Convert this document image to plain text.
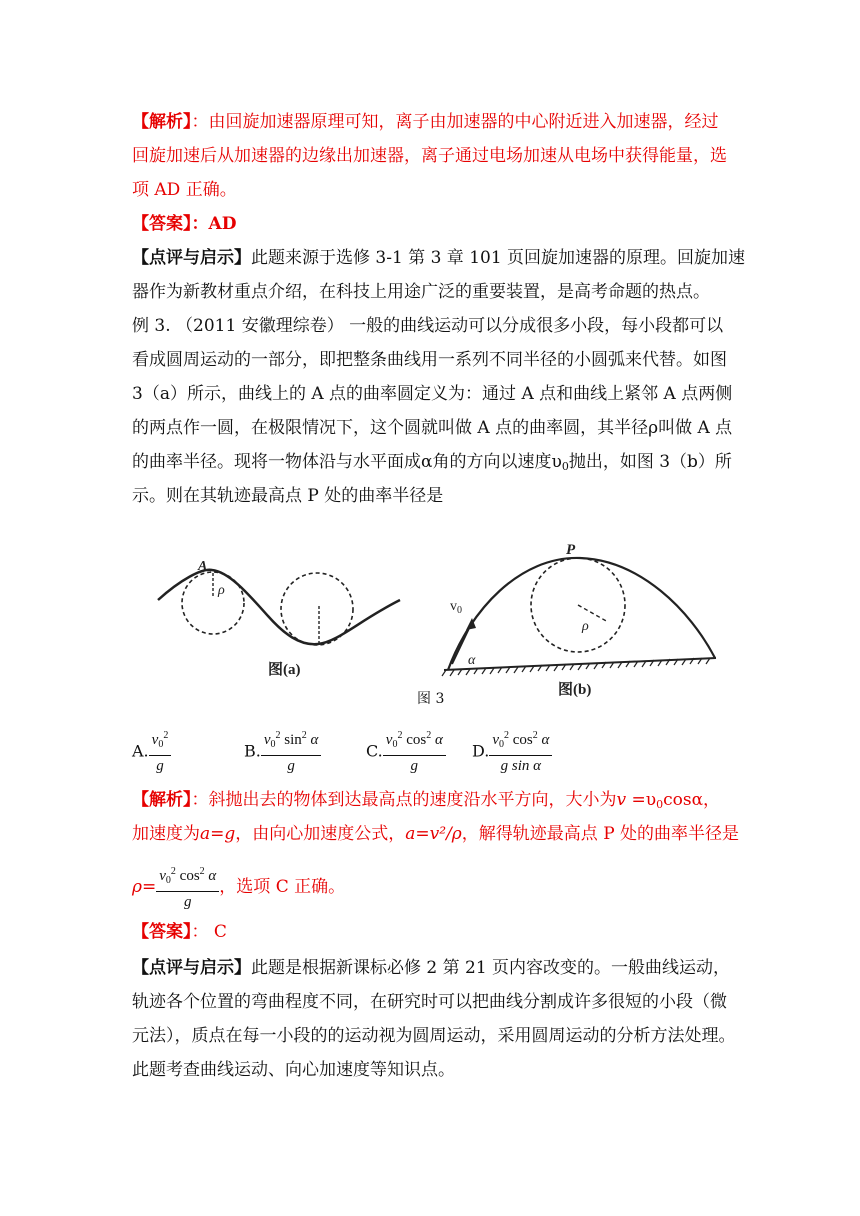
【解析】：由回旋加速器原理可知，离子由加速器的中心附近进入加速器，经过
回旋加速后从加速器的边缘出加速器，离子通过电场加速从电场中获得能量，选
项 AD 正确。
【答案】：AD
【点评与启示】此题来源于选修 3-1 第 3 章 101 页回旋加速器的原理。回旋加速
器作为新教材重点介绍，在科技上用途广泛的重要装置，是高考命题的热点。
例 3. （2011 安徽理综卷） 一般的曲线运动可以分成很多小段，每小段都可以
看成圆周运动的一部分，即把整条曲线用一系列不同半径的小圆弧来代替。如图
3（a）所示，曲线上的 A 点的曲率圆定义为：通过 A 点和曲线上紧邻 A 点两侧
的两点作一圆，在极限情况下，这个圆就叫做 A 点的曲率圆，其半径ρ叫做 A 点
的曲率半径。现将一物体沿与水平面成α角的方向以速度$\upsilon_0$抛出，如图 3（b）所
示。则在其轨迹最高点 P 处的曲率半径是
A
ρ
图(a)
P
$v_0$
ρ
α
图(b)
图 3
A. $\frac{v_0^2}{g}$	B. $\frac{v_0^2 \sin^2 \alpha}{g}$	C. $\frac{v_0^2 \cos^2 \alpha}{g} D$. $\frac{v_0^2 \cos^2 \alpha}{\text{g sin α}}$
【解析】：斜抛出去的物体到达最高点的速度沿水平方向，大小为$v =\upsilon_0\cos\alpha$，
加速度为a=g，由向心加速度公式，a=v²/ρ，解得轨迹最高点 P 处的曲率半径是
$\rho= \frac{v_0^2 \cos^2 \alpha}{g}$ ，选项 C 正确。
【答案】： C
【点评与启示】此题是根据新课标必修 2 第 21 页内容改变的。一般曲线运动，
轨迹各个位置的弯曲程度不同，在研究时可以把曲线分割成许多很短的小段（微
元法），质点在每一小段的的运动视为圆周运动，采用圆周运动的分析方法处理。
此题考查曲线运动、向心加速度等知识点。
